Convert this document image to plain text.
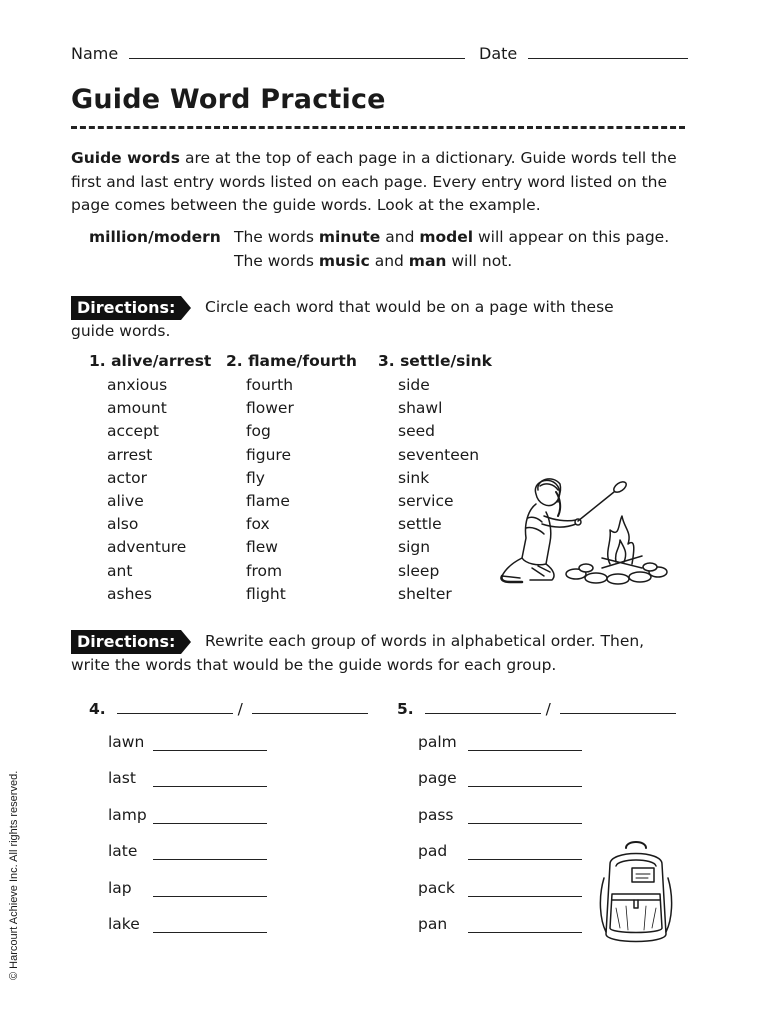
Name	Date
Guide Word Practice
Guide words are at the top of each page in a dictionary. Guide words tell the first and last entry words listed on each page. Every entry word listed on the page comes between the guide words. Look at the example.
million/modern The words minute and model will appear on this page.
The words music and man will not.
Directions:	Circle each word that would be on a page with these
guide words.
1. alive/arrest
anxious
amount
accept
arrest
actor
alive
also
adventure
ant
ashes
2. flame/fourth
fourth
flower
fog
figure
fly
flame
fox
flew
from
flight
3. settle/sink
side
shawl
seed
seventeen
sink
service
settle
sign
sleep
shelter
Directions:	Rewrite each group of words in alphabetical order. Then,
write the words that would be the guide words for each group.
4.	/	5.	/
lawn
last
lamp
late
lap
lake
palm
page
pass
pad
pack
pan
© Harcourt Achieve Inc. All rights reserved.
